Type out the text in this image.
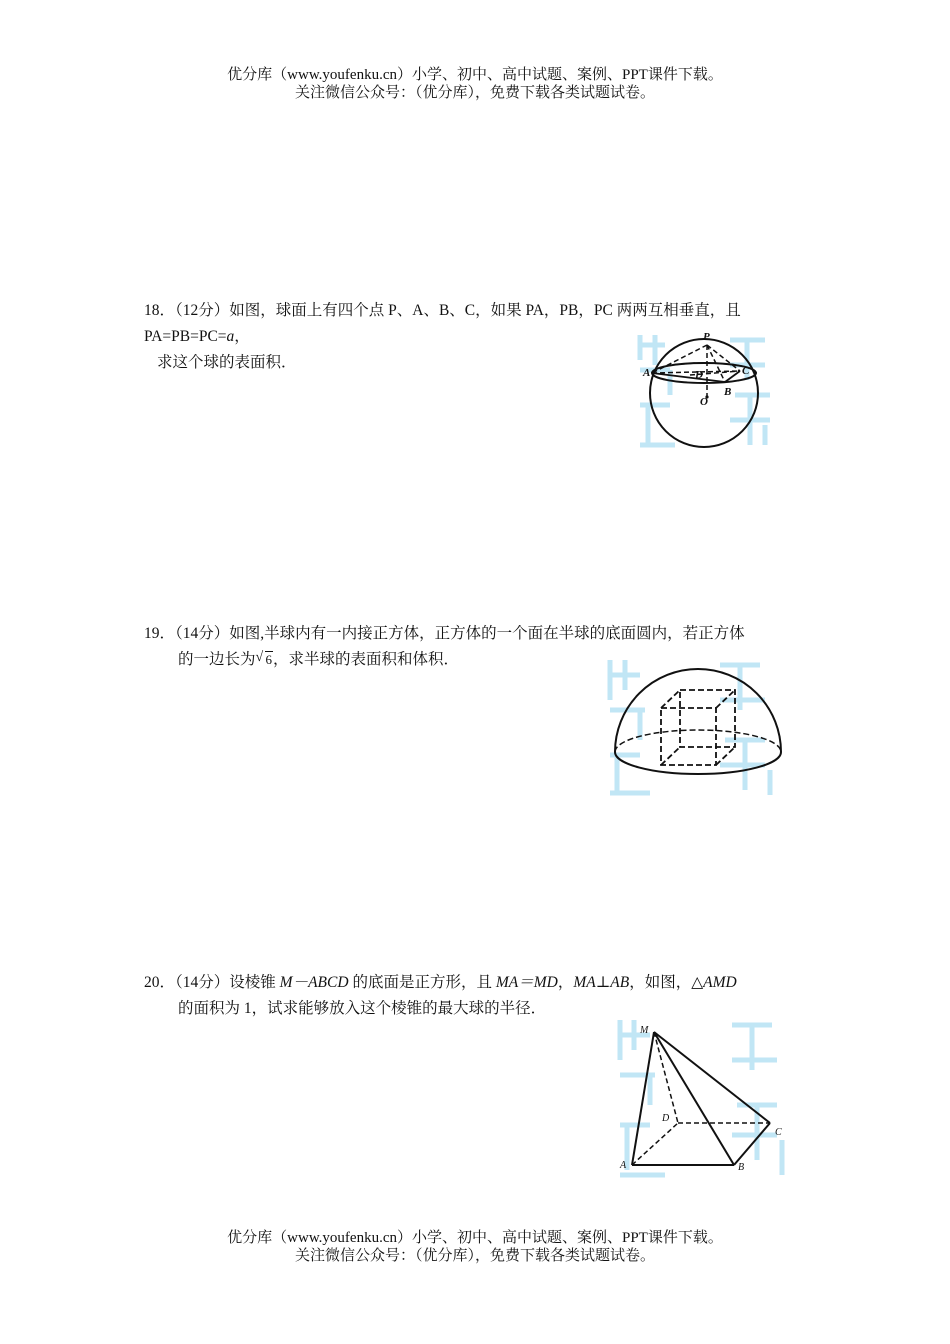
优分库（www.youfenku.cn）小学、初中、高中试题、案例、PPT课件下载。
关注微信公众号：（优分库），免费下载各类试题试卷。
18．（12分）如图，球面上有四个点 P、A、B、C，如果 PA，PB，PC 两两互相垂直，且
PA=PB=PC=a，
求这个球的表面积．
P
A	D
B
C
O
19．（14分）如图,半球内有一内接正方体，正方体的一个面在半球的底面圆内，若正方体
的一边长为 √ 6，求半球的表面积和体积．
20．（14分）设棱锥 M－ABCD 的底面是正方形，且 MA＝MD，MA⊥AB，如图，△AMD
的面积为 1，试求能够放入这个棱锥的最大球的半径．
M
A	B
C
D
优分库（www.youfenku.cn）小学、初中、高中试题、案例、PPT课件下载。
关注微信公众号：（优分库），免费下载各类试题试卷。
